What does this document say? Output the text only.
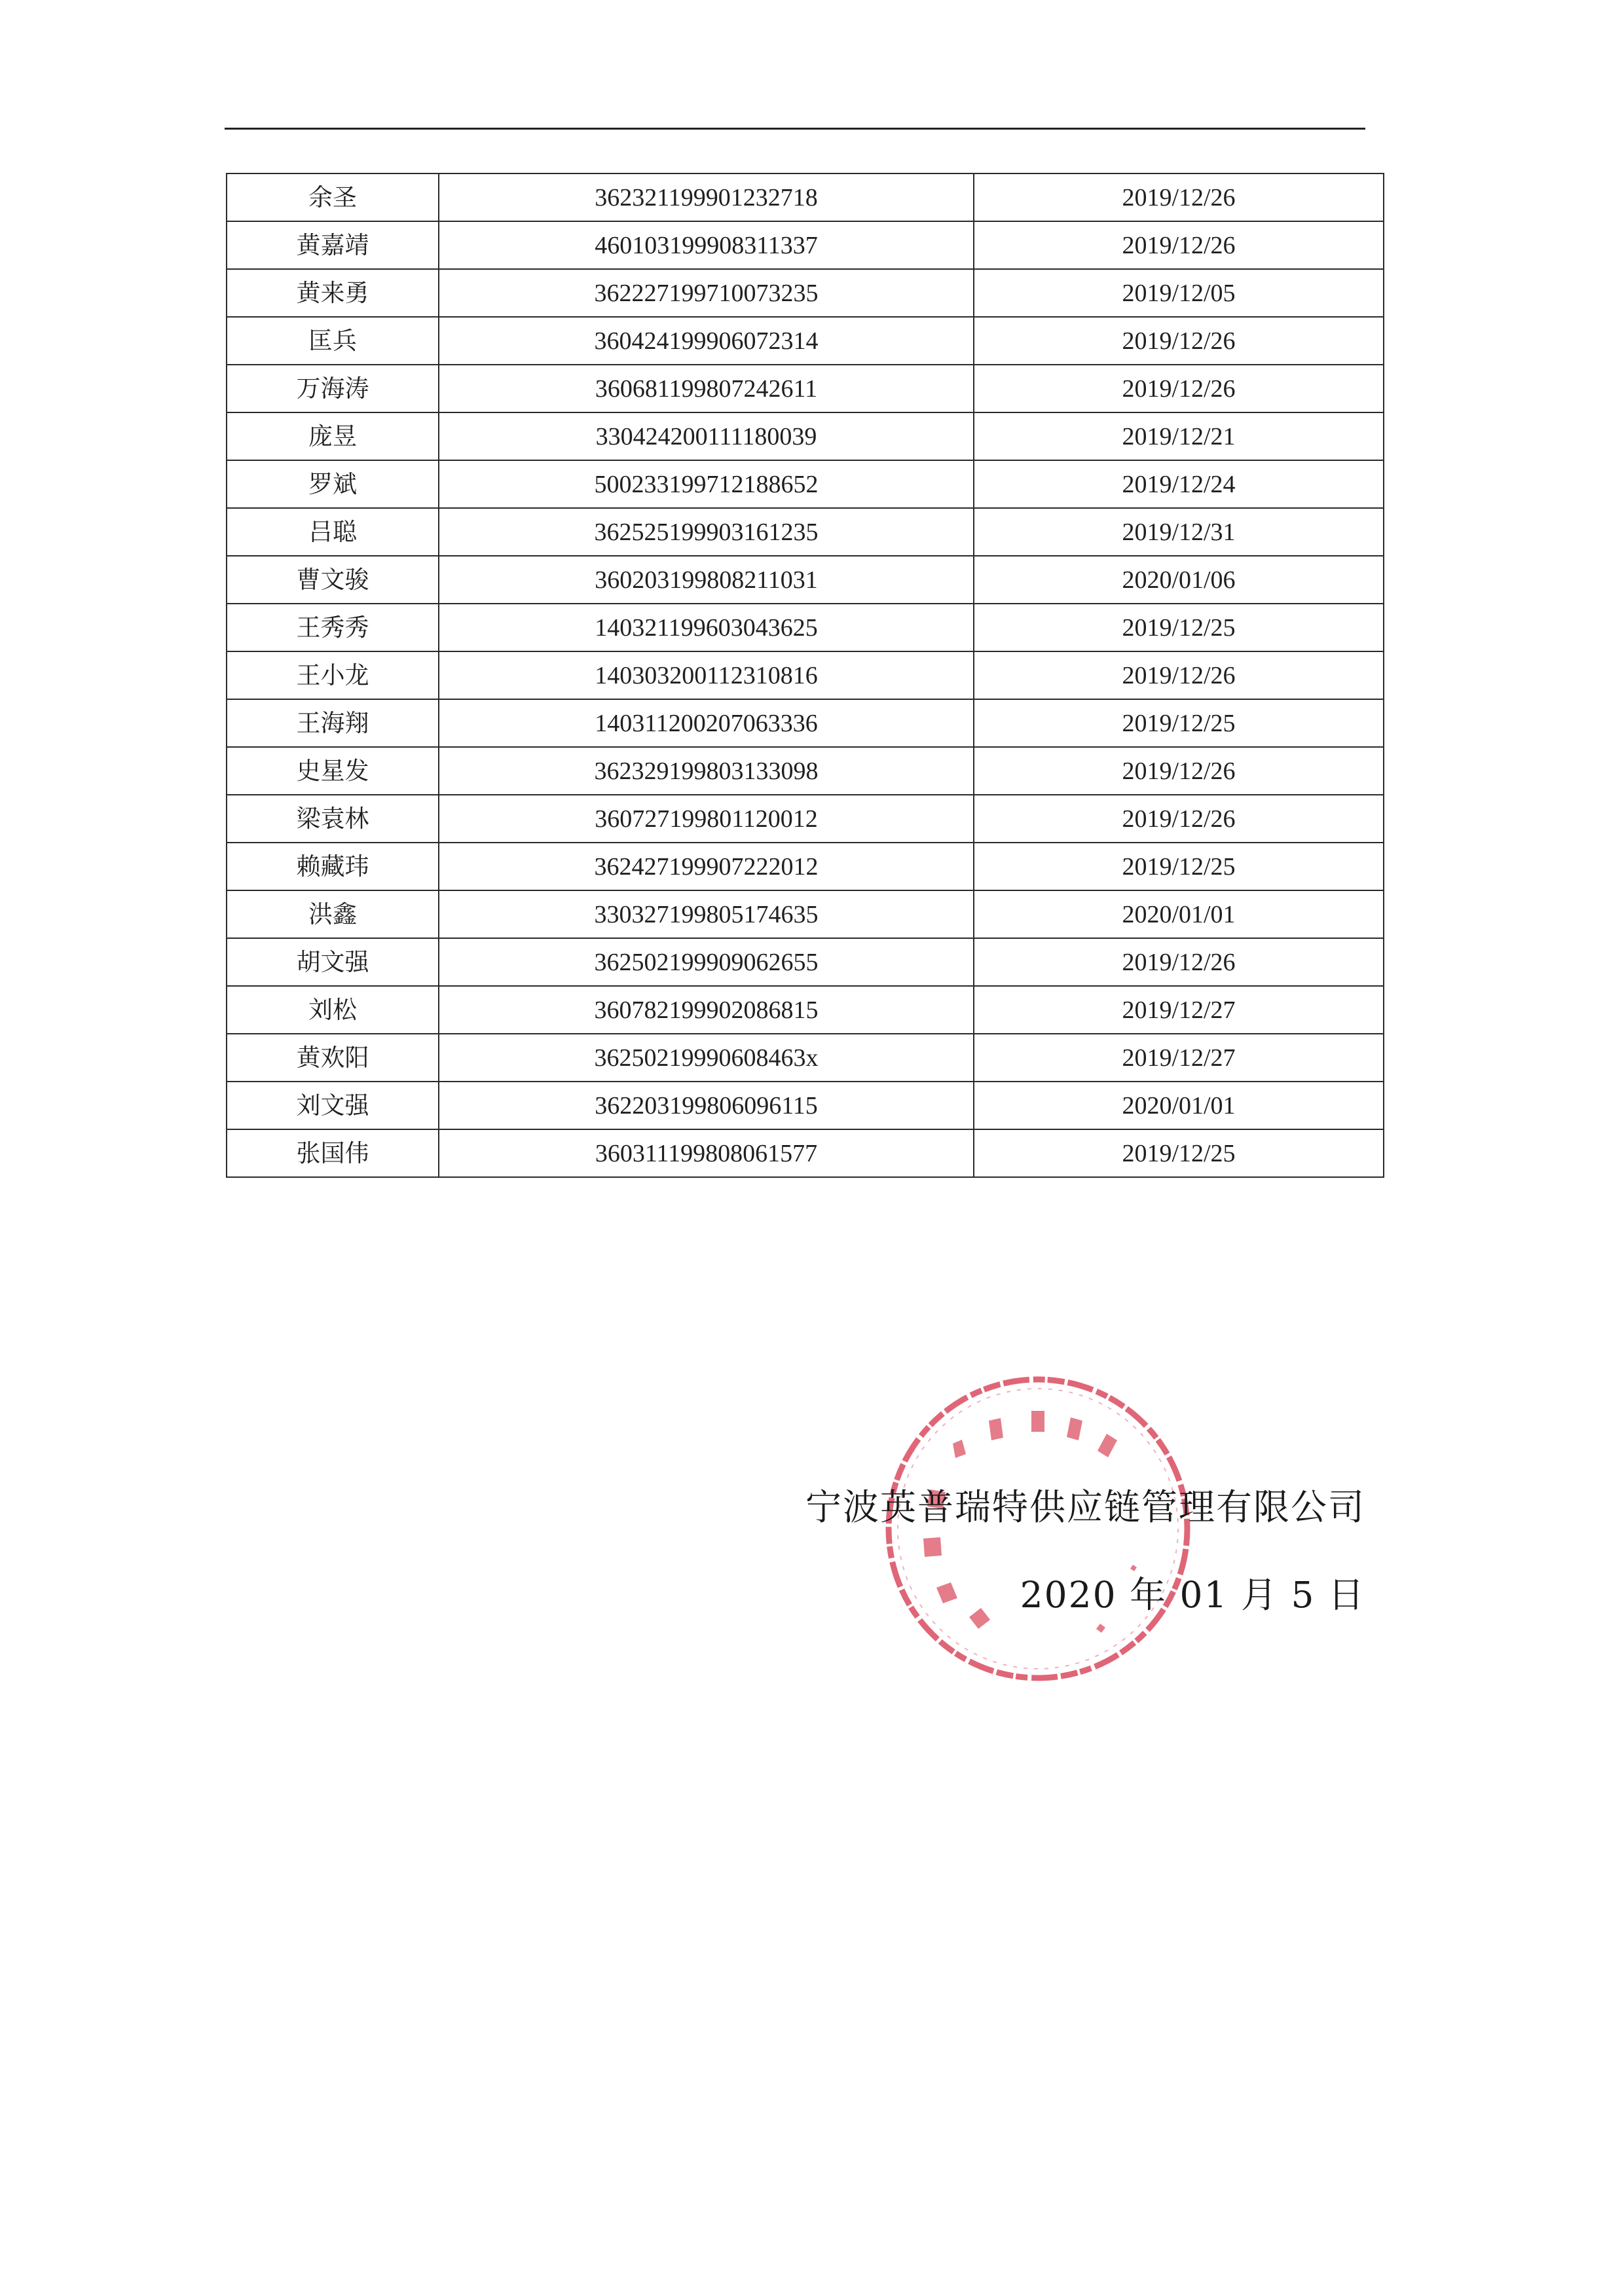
余圣	362321199901232718	2019/12/26
黄嘉靖	460103199908311337	2019/12/26
黄来勇	362227199710073235	2019/12/05
匡兵	360424199906072314	2019/12/26
万海涛	360681199807242611	2019/12/26
庞昱	330424200111180039	2019/12/21
罗斌	500233199712188652	2019/12/24
吕聪	362525199903161235	2019/12/31
曹文骏	360203199808211031	2020/01/06
王秀秀	140321199603043625	2019/12/25
王小龙	140303200112310816	2019/12/26
王海翔	140311200207063336	2019/12/25
史星发	362329199803133098	2019/12/26
梁袁林	360727199801120012	2019/12/26
赖藏玮	362427199907222012	2019/12/25
洪鑫	330327199805174635	2020/01/01
胡文强	362502199909062655	2019/12/26
刘松	360782199902086815	2019/12/27
黄欢阳	36250219990608463x	2019/12/27
刘文强	362203199806096115	2020/01/01
张国伟	360311199808061577	2019/12/25
宁波英普瑞特供应链管理有限公司
2020 年 01 月 5 日
